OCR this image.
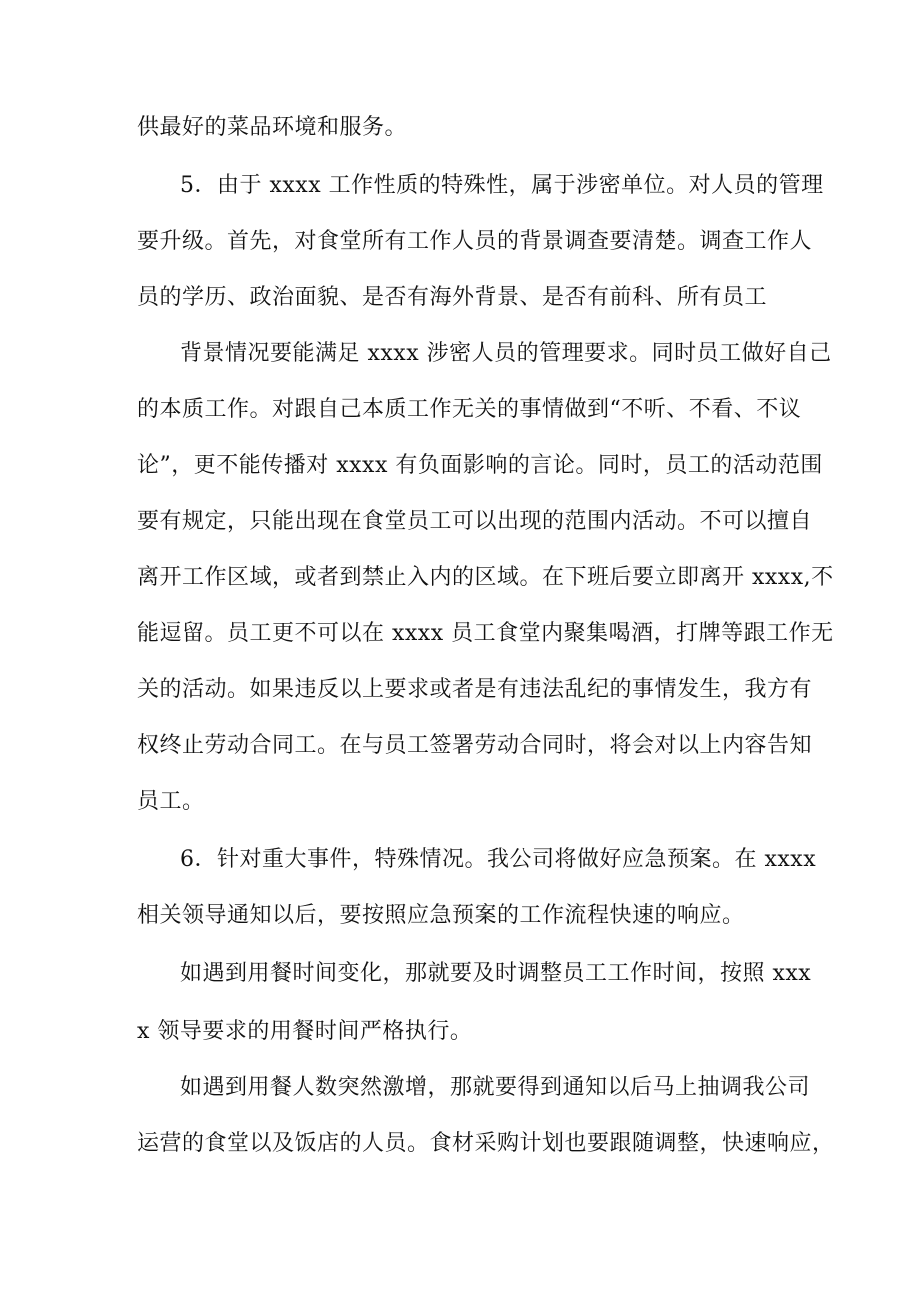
供最好的菜品环境和服务。
5．由于 xxxx 工作性质的特殊性，属于涉密单位。对人员的管理
要升级。首先，对食堂所有工作人员的背景调查要清楚。调查工作人
员的学历、政治面貌、是否有海外背景、是否有前科、所有员工
背景情况要能满足 xxxx 涉密人员的管理要求。同时员工做好自己
的本质工作。对跟自己本质工作无关的事情做到“不听、不看、不议
论”，更不能传播对 xxxx 有负面影响的言论。同时，员工的活动范围
要有规定，只能出现在食堂员工可以出现的范围内活动。不可以擅自
离开工作区域，或者到禁止入内的区域。在下班后要立即离开 xxxx,不
能逗留。员工更不可以在 xxxx 员工食堂内聚集喝酒，打牌等跟工作无
关的活动。如果违反以上要求或者是有违法乱纪的事情发生，我方有
权终止劳动合同工。在与员工签署劳动合同时，将会对以上内容告知
员工。
6．针对重大事件，特殊情况。我公司将做好应急预案。在 xxxx
相关领导通知以后，要按照应急预案的工作流程快速的响应。
如遇到用餐时间变化，那就要及时调整员工工作时间，按照 xxx
x 领导要求的用餐时间严格执行。
如遇到用餐人数突然激增，那就要得到通知以后马上抽调我公司
运营的食堂以及饭店的人员。食材采购计划也要跟随调整，快速响应，
